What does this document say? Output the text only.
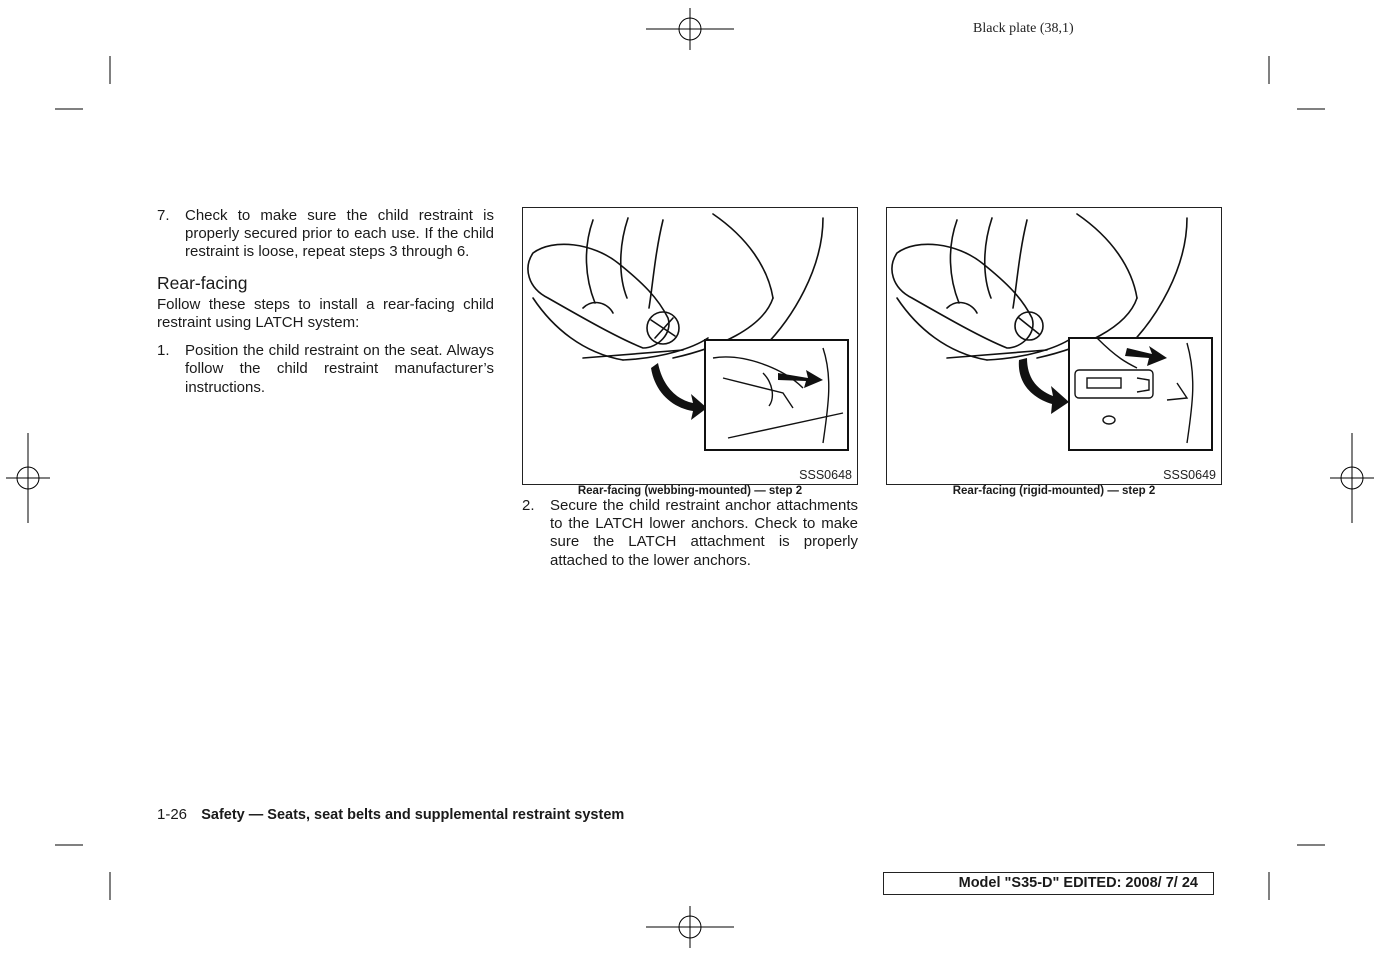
Black plate (38,1)
7.	Check to make sure the child restraint is properly secured prior to each use. If the child restraint is loose, repeat steps 3 through 6.
Rear-facing
Follow these steps to install a rear-facing child restraint using LATCH system:
1.	Position the child restraint on the seat. Always follow the child restraint manufacturer’s instructions.
SSS0648
Rear-facing (webbing-mounted) — step 2
SSS0649
Rear-facing (rigid-mounted) — step 2
2.	Secure the child restraint anchor attachments to the LATCH lower anchors. Check to make sure the LATCH attachment is properly attached to the lower anchors.
1-26 Safety — Seats, seat belts and supplemental restraint system
Model "S35-D" EDITED: 2008/ 7/ 24
